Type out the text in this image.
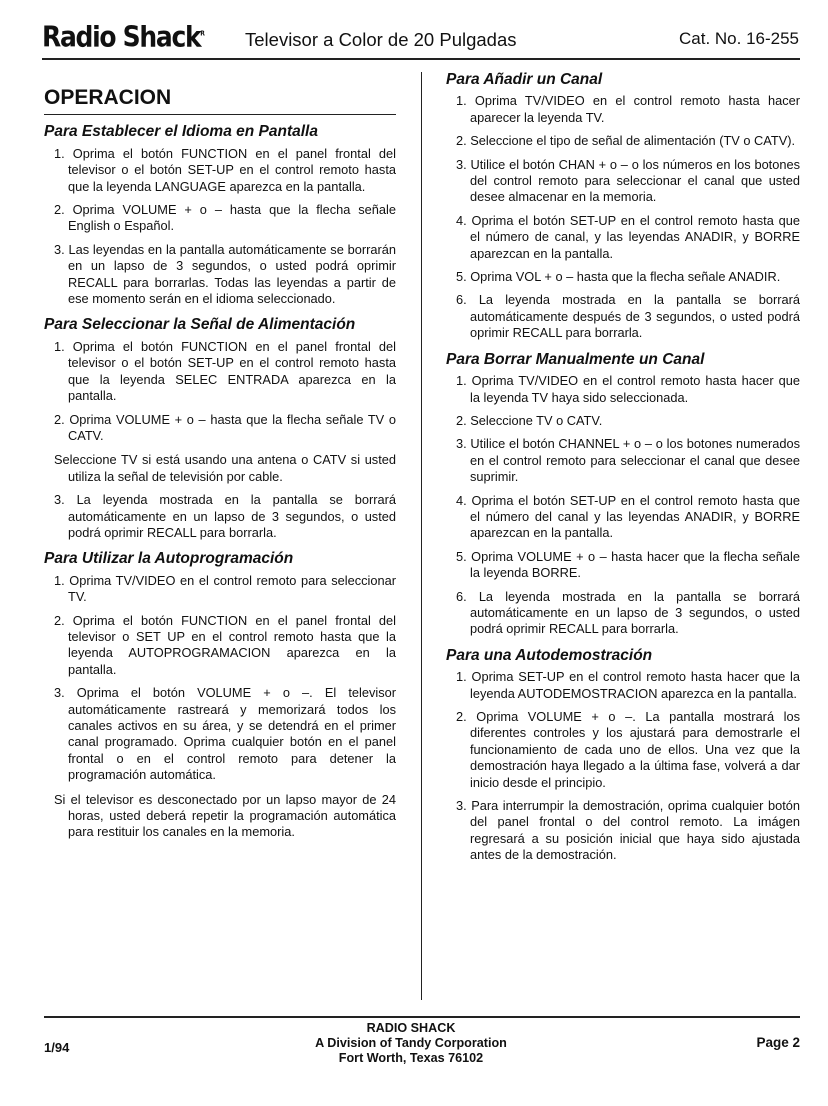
Radio Shack$^R$ Televisor a Color de 20 Pulgadas	Cat. No. 16-255
OPERACION
Para Establecer el Idioma en Pantalla

1. Oprima el botón FUNCTION en el panel frontal del televisor o el botón SET-UP en el control remoto hasta que la leyenda LANGUAGE aparezca en la pantalla.

2. Oprima VOLUME + o – hasta que la flecha señale English o Español.

3. Las leyendas en la pantalla automáticamente se borrarán en un lapso de 3 segundos, o usted podrá oprimir RECALL para borrarlas. Todas las leyendas a partir de ese momento serán en el idioma seleccionado.

Para Seleccionar la Señal de Alimentación

1. Oprima el botón FUNCTION en el panel frontal del televisor o el botón SET-UP en el control remoto hasta que la leyenda SELEC ENTRADA aparezca en la pantalla.

2. Oprima VOLUME + o – hasta que la flecha señale TV o CATV.

Seleccione TV si está usando una antena o CATV si usted utiliza la señal de televisión por cable.

3. La leyenda mostrada en la pantalla se borrará automáticamente en un lapso de 3 segundos, o usted podrá oprimir RECALL para borrarla.

Para Utilizar la Autoprogramación

1. Oprima TV/VIDEO en el control remoto para seleccionar TV.

2. Oprima el botón FUNCTION en el panel frontal del televisor o SET UP en el control remoto hasta que la leyenda AUTOPROGRAMACION aparezca en la pantalla.

3. Oprima el botón VOLUME + o –. El televisor automáticamente rastreará y memorizará todos los canales activos en su área, y se detendrá en el primer canal programado. Oprima cualquier botón en el panel frontal o en el control remoto para detener la programación automática.

Si el televisor es desconectado por un lapso mayor de 24 horas, usted deberá repetir la programación automática para restituir los canales en la memoria.

Para Añadir un Canal

1. Oprima TV/VIDEO en el control remoto hasta hacer aparecer la leyenda TV.

2. Seleccione el tipo de señal de alimentación (TV o CATV).

3. Utilice el botón CHAN + o – o los números en los botones del control remoto para seleccionar el canal que usted desee almacenar en la memoria.

4. Oprima el botón SET-UP en el control remoto hasta que el número de canal, y las leyendas ANADIR, y BORRE aparezcan en la pantalla.

5. Oprima VOL + o – hasta que la flecha señale ANADIR.

6. La leyenda mostrada en la pantalla se borrará automáticamente después de 3 segundos, o usted podrá oprimir RECALL para borrarla.

Para Borrar Manualmente un Canal

1. Oprima TV/VIDEO en el control remoto hasta hacer que la leyenda TV haya sido seleccionada.

2. Seleccione TV o CATV.

3. Utilice el botón CHANNEL + o – o los botones numerados en el control remoto para seleccionar el canal que desee suprimir.

4. Oprima el botón SET-UP en el control remoto hasta que el número del canal y las leyendas ANADIR, y BORRE aparezcan en la pantalla.

5. Oprima VOLUME + o – hasta hacer que la flecha señale la leyenda BORRE.

6. La leyenda mostrada en la pantalla se borrará automáticamente en un lapso de 3 segundos, o usted podrá oprimir RECALL para borrarla.

Para una Autodemostración

1. Oprima SET-UP en el control remoto hasta hacer que la leyenda AUTODEMOSTRACION aparezca en la pantalla.

2. Oprima VOLUME + o –. La pantalla mostrará los diferentes controles y los ajustará para demostrarle el funcionamiento de cada uno de ellos. Una vez que la demostración haya llegado a la última fase, volverá a dar inicio desde el principio.

3. Para interrumpir la demostración, oprima cualquier botón del panel frontal o del control remoto. La imágen regresará a su posición inicial que haya sido ajustada antes de la demostración.

1/94
RADIO SHACK
A Division of Tandy Corporation
Fort Worth, Texas 76102
Page 2
